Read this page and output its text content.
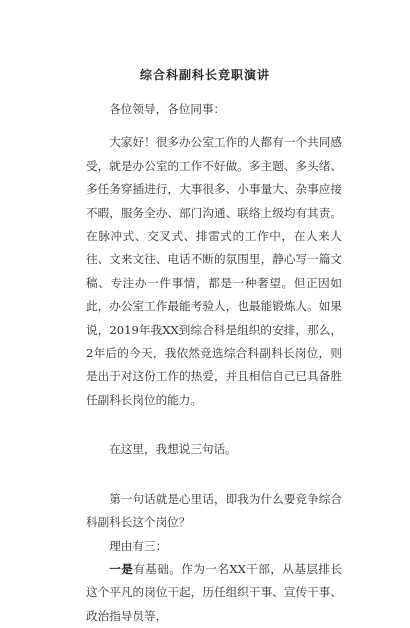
综合科副科长竞职演讲

各位领导，各位同事：

大家好！很多办公室工作的人都有一个共同感受，就是办公室的工作不好做。多主题、多头绪、多任务穿插进行，大事很多、小事量大、杂事应接不暇，服务全办、部门沟通、联络上级均有其责。在脉冲式、交叉式、排雷式的工作中，在人来人往、文来文往、电话不断的氛围里，静心写一篇文稿、专注办一件事情，都是一种奢望。但正因如此，办公室工作最能考验人，也最能锻炼人。如果说，2019年我XX到综合科是组织的安排，那么，2年后的今天，我依然竞选综合科副科长岗位，则是出于对这份工作的热爱，并且相信自己已具备胜任副科长岗位的能力。

在这里，我想说三句话。

第一句话就是心里话，即我为什么要竞争综合科副科长这个岗位？

理由有三：

一是有基础。作为一名XX干部，从基层排长这个平凡的岗位干起，历任组织干事、宣传干事、政治指导员等，
